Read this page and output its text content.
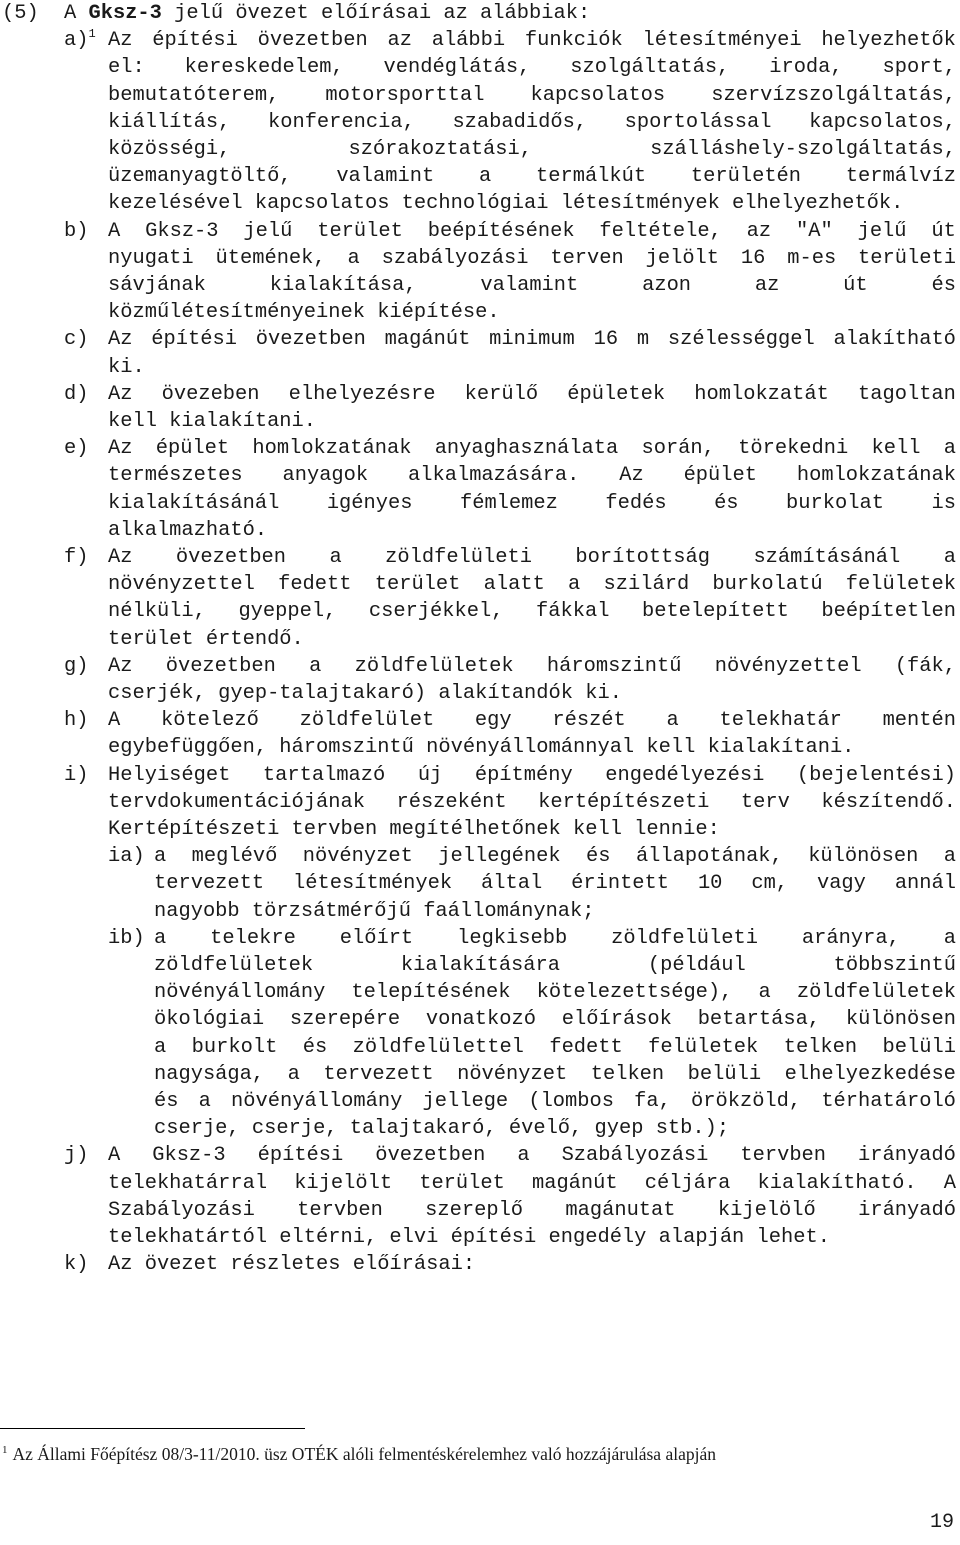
(5) A Gksz-3 jelű övezet előírásai az alábbiak:
a)$^1$ Az építési övezetben az alábbi funkciók létesítményei helyezhetők
el: kereskedelem, vendéglátás, szolgáltatás, iroda, sport,
bemutatóterem, motorsporttal kapcsolatos szervízszolgáltatás,
kiállítás, konferencia, szabadidős, sportolással kapcsolatos,
közösségi,	szórakoztatási,	szálláshely-szolgáltatás,
üzemanyagtöltő, valamint a termálkút területén termálvíz
kezelésével kapcsolatos technológiai létesítmények elhelyezhetők.
b) A Gksz-3 jelű terület beépítésének feltétele, az "A" jelű út
nyugati ütemének, a szabályozási terven jelölt 16 m-es területi
sávjának	kialakítása,	valamint	azon	az	út	és
közműlétesítményeinek kiépítése.
c) Az építési övezetben magánút minimum 16 m szélességgel alakítható
ki.
d) Az övezeben elhelyezésre kerülő épületek homlokzatát tagoltan
kell kialakítani.
e) Az épület homlokzatának anyaghasználata során, törekedni kell a
természetes anyagok alkalmazására. Az épület homlokzatának
kialakításánál igényes fémlemez fedés és burkolat is
alkalmazható.
f) Az övezetben a zöldfelületi borítottság számításánál a
növényzettel fedett terület alatt a szilárd burkolatú felületek
nélküli, gyeppel, cserjékkel, fákkal betelepített beépítetlen
terület értendő.
g) Az övezetben a zöldfelületek háromszintű növényzettel (fák,
cserjék, gyep-talajtakaró) alakítandók ki.
h) A kötelező zöldfelület egy részét a telekhatár mentén
egybefüggően, háromszintű növényállománnyal kell kialakítani.
i) Helyiséget tartalmazó új építmény engedélyezési (bejelentési)
tervdokumentációjának részeként kertépítészeti terv készítendő.
Kertépítészeti tervben megítélhetőnek kell lennie:
ia) a meglévő növényzet jellegének és állapotának, különösen a
tervezett létesítmények által érintett 10 cm, vagy annál
nagyobb törzsátmérőjű faállománynak;
ib) a telekre előírt legkisebb zöldfelületi arányra, a
zöldfelületek	kialakítására	(például	többszintű
növényállomány telepítésének kötelezettsége), a zöldfelületek
ökológiai szerepére vonatkozó előírások betartása, különösen
a burkolt és zöldfelülettel fedett felületek telken belüli
nagysága, a tervezett növényzet telken belüli elhelyezkedése
és a növényállomány jellege (lombos fa, örökzöld, térhatároló
cserje, cserje, talajtakaró, évelő, gyep stb.);
j) A Gksz-3 építési övezetben a Szabályozási tervben irányadó
telekhatárral kijelölt terület magánút céljára kialakítható. A
Szabályozási tervben szereplő magánutat kijelölő irányadó
telekhatártól eltérni, elvi építési engedély alapján lehet.
k) Az övezet részletes előírásai:
$^1$ Az Állami Főépítész 08/3-11/2010. üsz OTÉK alóli felmentéskérelemhez való hozzájárulása alapján
19
